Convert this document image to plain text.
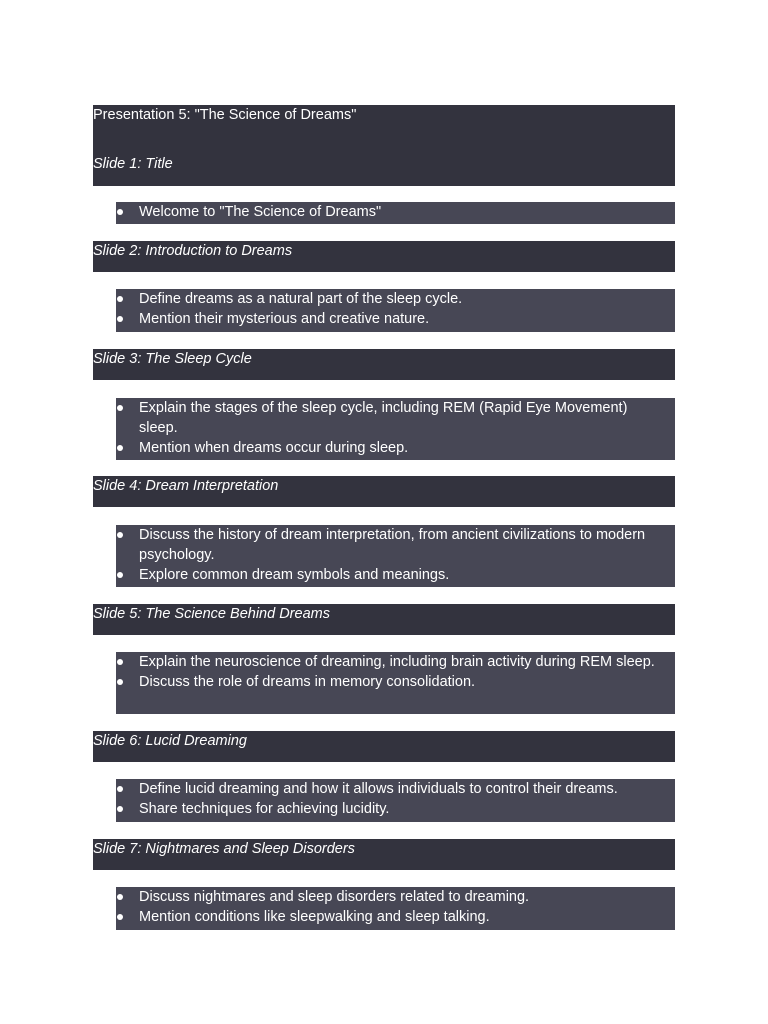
Presentation 5: "The Science of Dreams"
Slide 1: Title
Welcome to "The Science of Dreams"
Slide 2: Introduction to Dreams
Define dreams as a natural part of the sleep cycle.
Mention their mysterious and creative nature.
Slide 3: The Sleep Cycle
Explain the stages of the sleep cycle, including REM (Rapid Eye Movement) sleep.
Mention when dreams occur during sleep.
Slide 4: Dream Interpretation
Discuss the history of dream interpretation, from ancient civilizations to modern psychology.
Explore common dream symbols and meanings.
Slide 5: The Science Behind Dreams
Explain the neuroscience of dreaming, including brain activity during REM sleep.
Discuss the role of dreams in memory consolidation.
Slide 6: Lucid Dreaming
Define lucid dreaming and how it allows individuals to control their dreams.
Share techniques for achieving lucidity.
Slide 7: Nightmares and Sleep Disorders
Discuss nightmares and sleep disorders related to dreaming.
Mention conditions like sleepwalking and sleep talking.
